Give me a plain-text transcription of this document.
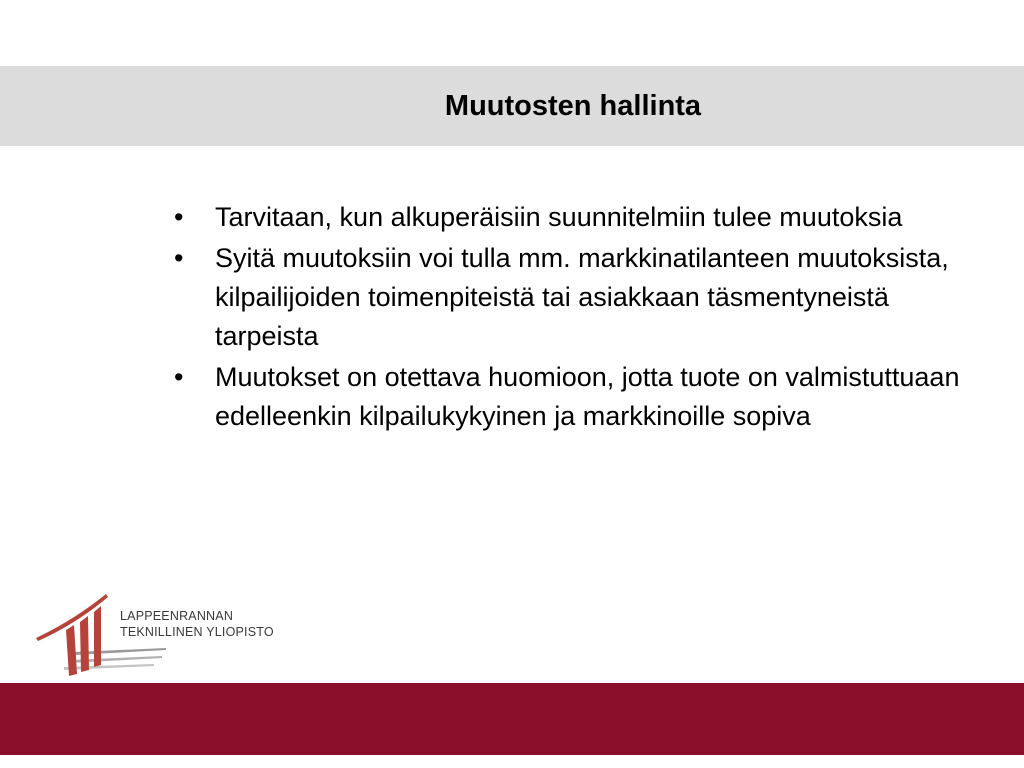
Muutosten hallinta
• Tarvitaan, kun alkuperäisiin suunnitelmiin tulee muutoksia
• Syitä muutoksiin voi tulla mm. markkinatilanteen muutoksista, kilpailijoiden toimenpiteistä tai asiakkaan täsmentyneistä tarpeista
• Muutokset on otettava huomioon, jotta tuote on valmistuttuaan edelleenkin kilpailukykyinen ja markkinoille sopiva
LAPPEENRANNAN
TEKNILLINEN YLIOPISTO
